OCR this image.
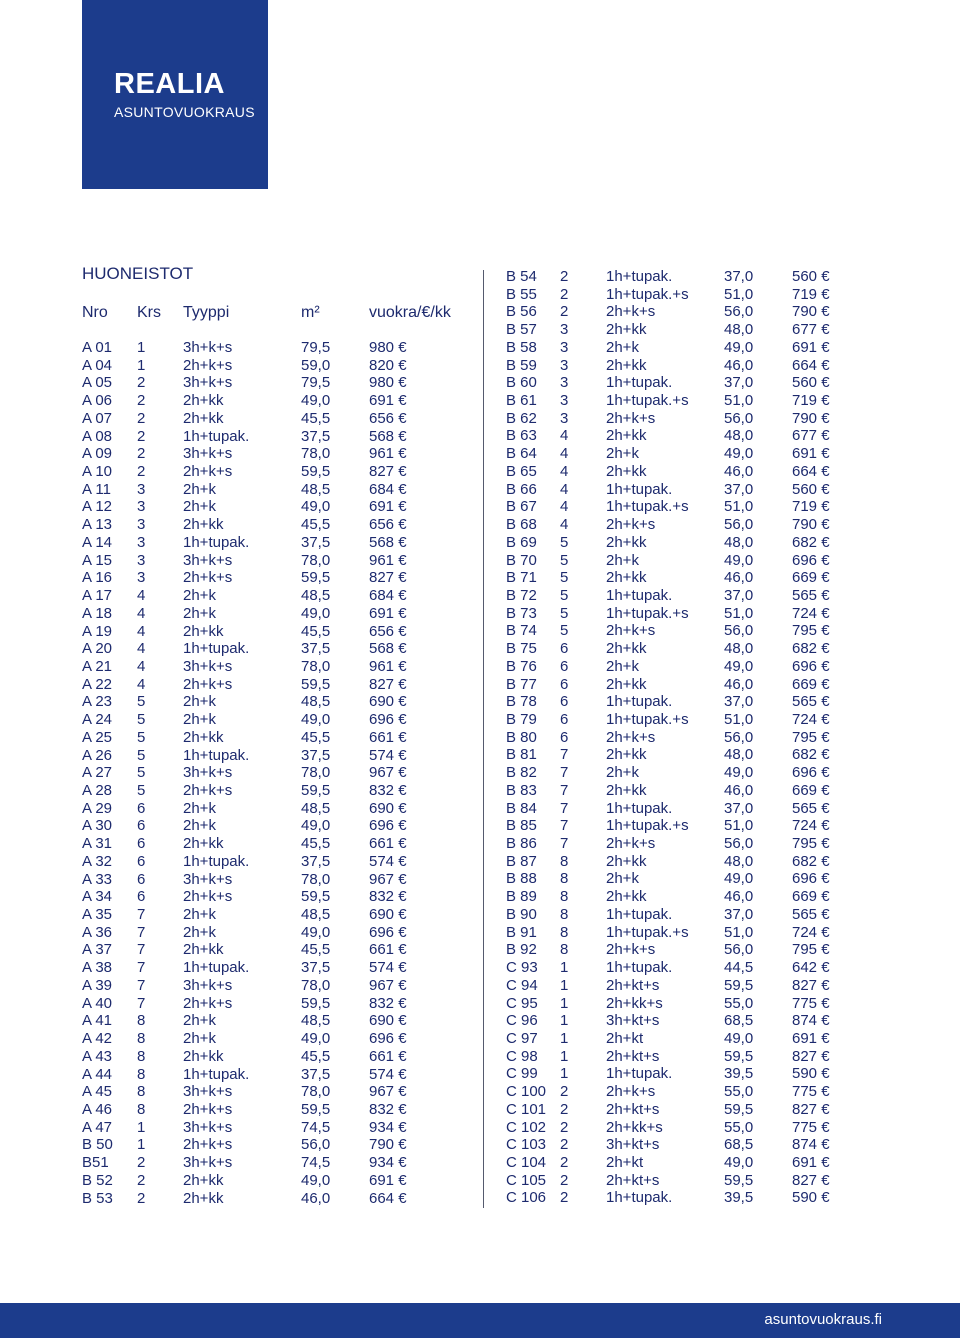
REALIA
ASUNTOVUOKRAUS
HUONEISTOT
Nro Krs Tyyppi	m²	vuokra/€/kk
A 01 1	3h+k+s	79,5	980 €
A 04 1	2h+k+s	59,0	820 €
A 05 2	3h+k+s	79,5	980 €
A 06 2	2h+kk	49,0	691 €
A 07 2	2h+kk	45,5	656 €
A 08 2	1h+tupak.	37,5	568 €
A 09 2	3h+k+s	78,0	961 €
A 10 2	2h+k+s	59,5	827 €
A 11 3	2h+k	48,5	684 €
A 12 3	2h+k	49,0	691 €
A 13 3	2h+kk	45,5	656 €
A 14 3	1h+tupak.	37,5	568 €
A 15 3	3h+k+s	78,0	961 €
A 16 3	2h+k+s	59,5	827 €
A 17 4	2h+k	48,5	684 €
A 18 4	2h+k	49,0	691 €
A 19 4	2h+kk	45,5	656 €
A 20 4	1h+tupak.	37,5	568 €
A 21 4	3h+k+s	78,0	961 €
A 22 4	2h+k+s	59,5	827 €
A 23 5	2h+k	48,5	690 €
A 24 5	2h+k	49,0	696 €
A 25 5	2h+kk	45,5	661 €
A 26 5	1h+tupak.	37,5	574 €
A 27 5	3h+k+s	78,0	967 €
A 28 5	2h+k+s	59,5	832 €
A 29 6	2h+k	48,5	690 €
A 30 6	2h+k	49,0	696 €
A 31 6	2h+kk	45,5	661 €
A 32 6	1h+tupak.	37,5	574 €
A 33 6	3h+k+s	78,0	967 €
A 34 6	2h+k+s	59,5	832 €
A 35 7	2h+k	48,5	690 €
A 36 7	2h+k	49,0	696 €
A 37 7	2h+kk	45,5	661 €
A 38 7	1h+tupak.	37,5	574 €
A 39 7	3h+k+s	78,0	967 €
A 40 7	2h+k+s	59,5	832 €
A 41 8	2h+k	48,5	690 €
A 42 8	2h+k	49,0	696 €
A 43 8	2h+kk	45,5	661 €
A 44 8	1h+tupak.	37,5	574 €
A 45 8	3h+k+s	78,0	967 €
A 46 8	2h+k+s	59,5	832 €
A 47 1	3h+k+s	74,5	934 €
B 50 1	2h+k+s	56,0	790 €
B51 2	3h+k+s	74,5	934 €
B 52 2	2h+kk	49,0	691 €
B 53 2	2h+kk	46,0	664 €
B 54 2	1h+tupak.	37,0	560 €
B 55 2	1h+tupak.+s 51,0	719 €
B 56 2	2h+k+s	56,0	790 €
B 57 3	2h+kk	48,0	677 €
B 58 3	2h+k	49,0	691 €
B 59 3	2h+kk	46,0	664 €
B 60 3	1h+tupak.	37,0	560 €
B 61 3	1h+tupak.+s 51,0	719 €
B 62 3	2h+k+s	56,0	790 €
B 63 4	2h+kk	48,0	677 €
B 64 4	2h+k	49,0	691 €
B 65 4	2h+kk	46,0	664 €
B 66 4	1h+tupak.	37,0	560 €
B 67 4	1h+tupak.+s 51,0	719 €
B 68 4	2h+k+s	56,0	790 €
B 69 5	2h+kk	48,0	682 €
B 70 5	2h+k	49,0	696 €
B 71 5	2h+kk	46,0	669 €
B 72 5	1h+tupak.	37,0	565 €
B 73 5	1h+tupak.+s 51,0	724 €
B 74 5	2h+k+s	56,0	795 €
B 75 6	2h+kk	48,0	682 €
B 76 6	2h+k	49,0	696 €
B 77 6	2h+kk	46,0	669 €
B 78 6	1h+tupak.	37,0	565 €
B 79 6	1h+tupak.+s 51,0	724 €
B 80 6	2h+k+s	56,0	795 €
B 81 7	2h+kk	48,0	682 €
B 82 7	2h+k	49,0	696 €
B 83 7	2h+kk	46,0	669 €
B 84 7	1h+tupak.	37,0	565 €
B 85 7	1h+tupak.+s 51,0	724 €
B 86 7	2h+k+s	56,0	795 €
B 87 8	2h+kk	48,0	682 €
B 88 8	2h+k	49,0	696 €
B 89 8	2h+kk	46,0	669 €
B 90 8	1h+tupak.	37,0	565 €
B 91 8	1h+tupak.+s 51,0	724 €
B 92 8	2h+k+s	56,0	795 €
C 93 1	1h+tupak.	44,5	642 €
C 94 1	2h+kt+s	59,5	827 €
C 95 1	2h+kk+s	55,0	775 €
C 96 1	3h+kt+s	68,5	874 €
C 97 1	2h+kt	49,0	691 €
C 98 1	2h+kt+s	59,5	827 €
C 99 1	1h+tupak.	39,5	590 €
C 100 2	2h+k+s	55,0	775 €
C 101 2	2h+kt+s	59,5	827 €
C 102 2	2h+kk+s	55,0	775 €
C 103 2	3h+kt+s	68,5	874 €
C 104 2	2h+kt	49,0	691 €
C 105 2	2h+kt+s	59,5	827 €
C 106 2	1h+tupak.	39,5	590 €
asuntovuokraus.fi
